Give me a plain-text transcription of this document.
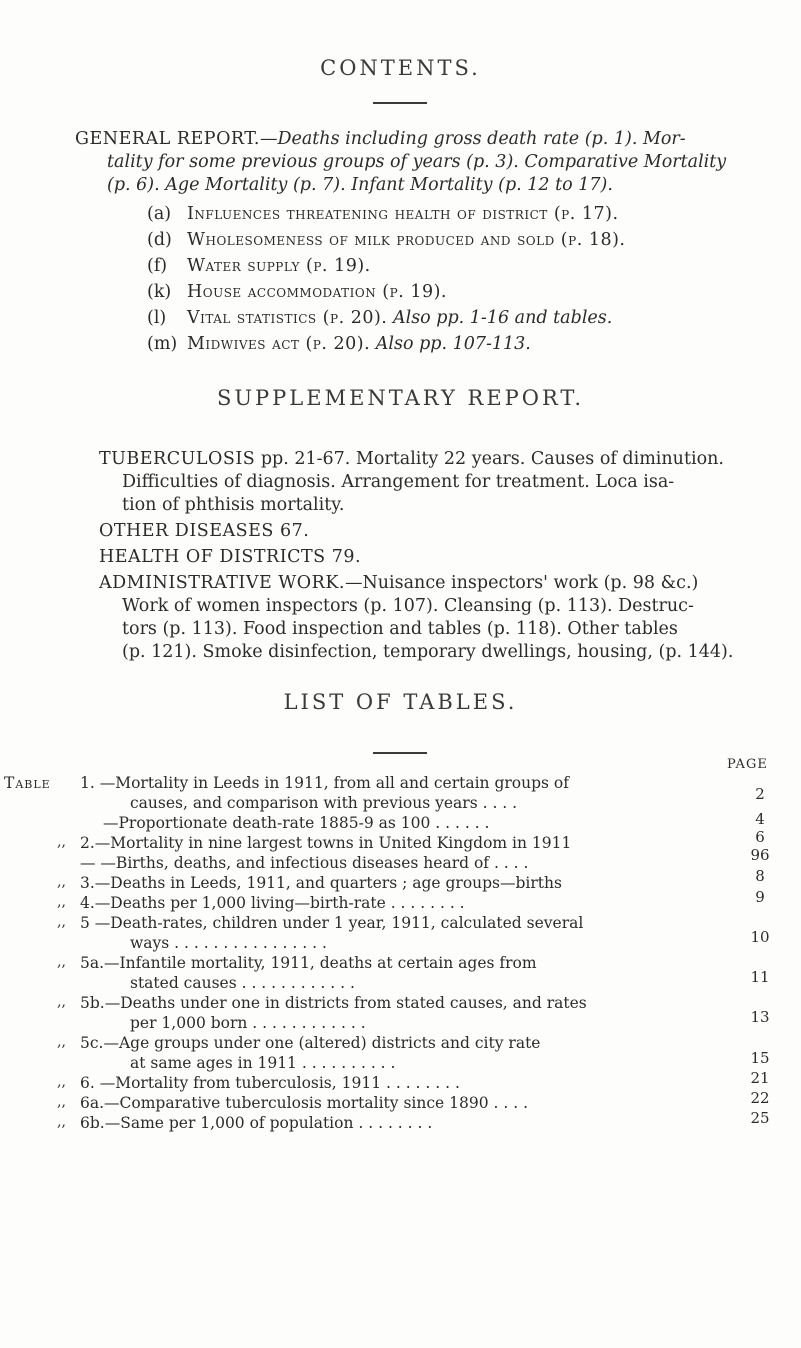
CONTENTS.
GENERAL REPORT.—Deaths including gross death rate (p. 1). Mor-
tality for some previous groups of years (p. 3). Comparative Mortality
(p. 6). Age Mortality (p. 7). Infant Mortality (p. 12 to 17).
(a) Influences threatening health of district (p. 17).
(d) Wholesomeness of milk produced and sold (p. 18).
(f) Water supply (p. 19).
(k) House accommodation (p. 19).
(l) Vital statistics (p. 20). Also pp. 1-16 and tables.
(m) Midwives act (p. 20). Also pp. 107-113.
SUPPLEMENTARY REPORT.
TUBERCULOSIS pp. 21-67. Mortality 22 years. Causes of diminution.
Difficulties of diagnosis. Arrangement for treatment. Loca isa-
tion of phthisis mortality.
OTHER DISEASES 67.
HEALTH OF DISTRICTS 79.
ADMINISTRATIVE WORK.—Nuisance inspectors' work (p. 98 &c.)
Work of women inspectors (p. 107). Cleansing (p. 113). Destruc-
tors (p. 113). Food inspection and tables (p. 118). Other tables
(p. 121). Smoke disinfection, temporary dwellings, housing, (p. 144).
LIST OF TABLES.
PAGE
Table 1. —Mortality in Leeds in 1911, from all and certain groups of
causes, and comparison with previous years . . . .
—Proportionate death-rate 1885-9 as 100 . . . . . .
,, 2.—Mortality in nine largest towns in United Kingdom in 1911
— —Births, deaths, and infectious diseases heard of . . . .
,, 3.—Deaths in Leeds, 1911, and quarters ; age groups—births
,, 4.—Deaths per 1,000 living—birth-rate . . . . . . . .
,, 5 —Death-rates, children under 1 year, 1911, calculated several
ways . . . . . . . . . . . . . . . .
,, 5a.—Infantile mortality, 1911, deaths at certain ages from
stated causes . . . . . . . . . . . .
,, 5b.—Deaths under one in districts from stated causes, and rates
per 1,000 born . . . . . . . . . . . .
,, 5c.—Age groups under one (altered) districts and city rate
at same ages in 1911 . . . . . . . . . .
,, 6. —Mortality from tuberculosis, 1911 . . . . . . . .
,, 6a.—Comparative tuberculosis mortality since 1890 . . . .
,, 6b.—Same per 1,000 of population . . . . . . . .
2
4
6
96
8
9
10
11
13
15
21
22
25
